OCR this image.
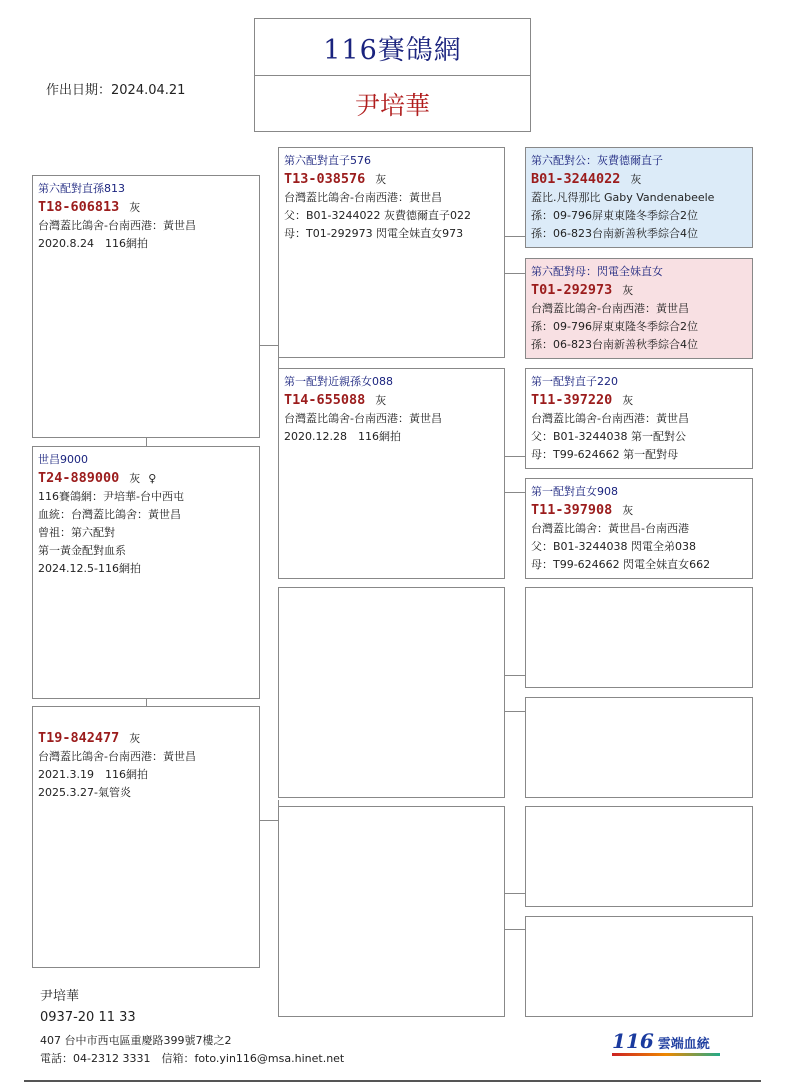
116賽鴿網
尹培華
作出日期：2024.04.21
第六配對直孫813
T18-606813 灰
台灣蓋比鴿舍-台南西港：黃世昌
2020.8.24　116網拍
世昌9000
T24-889000 灰 ♀
116賽鴿網：尹培華-台中西屯
血統：台灣蓋比鴿舍：黃世昌
曾祖：第六配對
第一黃金配對血系
2024.12.5-116網拍
T19-842477 灰
台灣蓋比鴿舍-台南西港：黃世昌
2021.3.19　116網拍
2025.3.27-氣管炎
第六配對直子576
T13-038576 灰
台灣蓋比鴿舍-台南西港：黃世昌
父：B01-3244022 灰費德爾直子022
母：T01-292973 閃電全妹直女973
第一配對近親孫女088
T14-655088 灰
台灣蓋比鴿舍-台南西港：黃世昌
2020.12.28　116網拍
第六配對公：灰費德爾直子
B01-3244022 灰
蓋比.凡得那比 Gaby Vandenabeele
孫：09-796屏東東隆冬季綜合2位
孫：06-823台南新善秋季綜合4位
第六配對母：閃電全妹直女
T01-292973 灰
台灣蓋比鴿舍-台南西港：黃世昌
孫：09-796屏東東隆冬季綜合2位
孫：06-823台南新善秋季綜合4位
第一配對直子220
T11-397220 灰
台灣蓋比鴿舍-台南西港：黃世昌
父：B01-3244038 第一配對公
母：T99-624662 第一配對母
第一配對直女908
T11-397908 灰
台灣蓋比鴿舍：黃世昌-台南西港
父：B01-3244038 閃電全弟038
母：T99-624662 閃電全妹直女662
尹培華
0937-20 11 33
407 台中市西屯區重慶路399號7樓之2
電話：04-2312 3331　信箱：foto.yin116@msa.hinet.net
116 雲端血統
